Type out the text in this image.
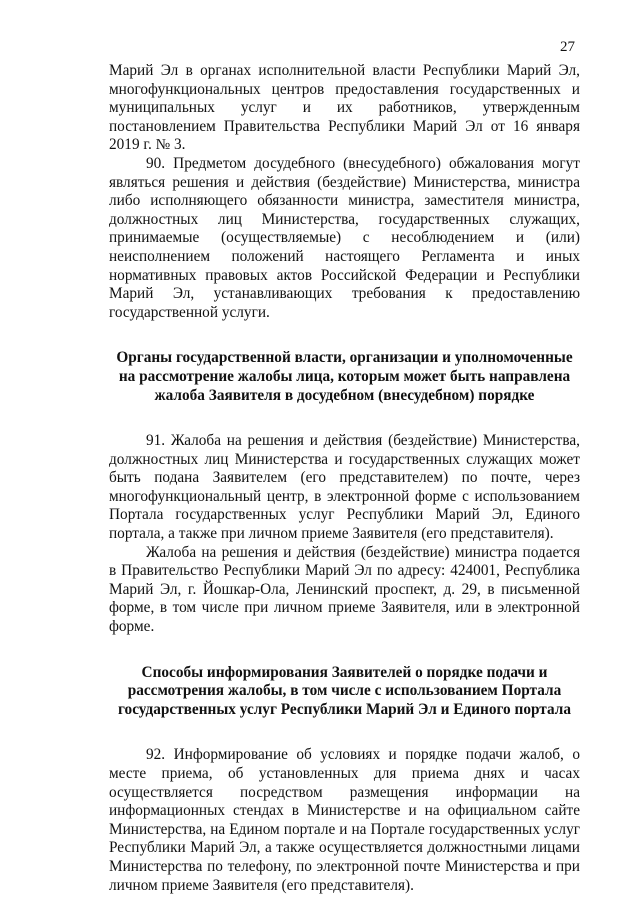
27

Марий Эл в органах исполнительной власти Республики Марий Эл, многофункциональных центров предоставления государственных и муниципальных услуг и их работников, утвержденным постановлением Правительства Республики Марий Эл от 16 января 2019 г. № 3.

90. Предметом досудебного (внесудебного) обжалования могут являться решения и действия (бездействие) Министерства, министра либо исполняющего обязанности министра, заместителя министра, должностных лиц Министерства, государственных служащих, принимаемые (осуществляемые) с несоблюдением и (или) неисполнением положений настоящего Регламента и иных нормативных правовых актов Российской Федерации и Республики Марий Эл, устанавливающих требования к предоставлению государственной услуги.

Органы государственной власти, организации и уполномоченные на рассмотрение жалобы лица, которым может быть направлена жалоба Заявителя в досудебном (внесудебном) порядке

91. Жалоба на решения и действия (бездействие) Министерства, должностных лиц Министерства и государственных служащих может быть подана Заявителем (его представителем) по почте, через многофункциональный центр, в электронной форме с использованием Портала государственных услуг Республики Марий Эл, Единого портала, а также при личном приеме Заявителя (его представителя).

Жалоба на решения и действия (бездействие) министра подается в Правительство Республики Марий Эл по адресу: 424001, Республика Марий Эл, г. Йошкар-Ола, Ленинский проспект, д. 29, в письменной форме, в том числе при личном приеме Заявителя, или в электронной форме.

Способы информирования Заявителей о порядке подачи и рассмотрения жалобы, в том числе с использованием Портала государственных услуг Республики Марий Эл и Единого портала

92. Информирование об условиях и порядке подачи жалоб, о месте приема, об установленных для приема днях и часах осуществляется посредством размещения информации на информационных стендах в Министерстве и на официальном сайте Министерства, на Едином портале и на Портале государственных услуг Республики Марий Эл, а также осуществляется должностными лицами Министерства по телефону, по электронной почте Министерства и при личном приеме Заявителя (его представителя).
